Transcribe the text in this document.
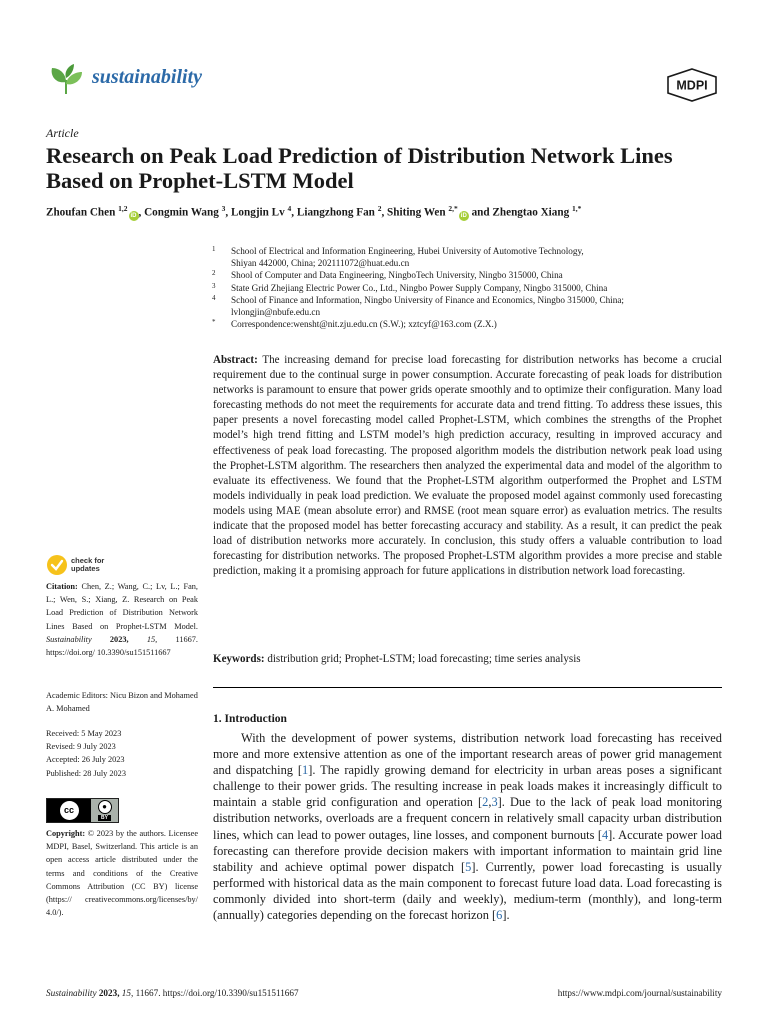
sustainability	MDPI
Article
Research on Peak Load Prediction of Distribution Network Lines Based on Prophet-LSTM Model
Zhoufan Chen $^{1,2}$iD , Congmin Wang $^3$, Longjin Lv $^4$, Liangzhong Fan $^2$, Shiting Wen $^{2,*}$iD and Zhengtao Xiang $^{1,*}$
1 School of Electrical and Information Engineering, Hubei University of Automotive Technology,
Shiyan 442000, China; 202111072@huat.edu.cn
2 Shool of Computer and Data Engineering, NingboTech University, Ningbo 315000, China
3 State Grid Zhejiang Electric Power Co., Ltd., Ningbo Power Supply Company, Ningbo 315000, China
4 School of Finance and Information, Ningbo University of Finance and Economics, Ningbo 315000, China;
lvlongjin@nbufe.edu.cn
* Correspondence:wensht@nit.zju.edu.cn (S.W.); xztcyf@163.com (Z.X.)
Abstract: The increasing demand for precise load forecasting for distribution networks has become a crucial requirement due to the continual surge in power consumption. Accurate forecasting of peak loads for distribution networks is paramount to ensure that power grids operate smoothly and to optimize their configuration. Many load forecasting methods do not meet the requirements for accurate data and trend fitting. To address these issues, this paper presents a novel forecasting model called Prophet-LSTM, which combines the strengths of the Prophet model’s high trend fitting and LSTM model’s high prediction accuracy, resulting in improved accuracy and effectiveness of peak load forecasting. The proposed algorithm models the distribution network peak load using the Prophet-LSTM algorithm. The researchers then analyzed the experimental data and model of the algorithm to evaluate its effectiveness. We found that the Prophet-LSTM algorithm outperformed the Prophet and LSTM models individually in peak load prediction. We evaluate the proposed model against commonly used forecasting models using MAE (mean absolute error) and RMSE (root mean square error) as evaluation metrics. The results indicate that the proposed model has better forecasting accuracy and stability. As a result, it can predict the peak load of distribution networks more accurately. In conclusion, this study offers a valuable contribution to load forecasting for distribution networks. The proposed Prophet-LSTM algorithm provides a more precise and stable prediction, making it a promising approach for future applications in distribution network load forecasting.
Keywords: distribution grid; Prophet-LSTM; load forecasting; time series analysis
1. Introduction
With the development of power systems, distribution network load forecasting has received more and more extensive attention as one of the important research areas of power grid management and dispatching [1]. The rapidly growing demand for electricity in urban areas poses a significant challenge to their power grids. The resulting increase in peak loads makes it increasingly difficult to maintain a stable grid configuration and operation [2,3]. Due to the lack of peak load monitoring distribution networks, overloads are a frequent concern in relatively small capacity urban distribution lines, which can lead to power outages, line losses, and component burnouts [4]. Accurate power load forecasting can therefore provide decision makers with important information to maintain grid line stability and achieve optimal power dispatch [5]. Currently, power load forecasting is usually performed with historical data as the main component to forecast future load data. Load forecasting is commonly divided into short-term (daily and weekly), medium-term (monthly), and long-term (annually) categories depending on the forecast horizon [6].
check for
updates
Citation: Chen, Z.; Wang, C.; Lv, L.; Fan, L.; Wen, S.; Xiang, Z. Research on Peak Load Prediction of Distribution Network Lines Based on Prophet-LSTM Model. Sustainability 2023, 15, 11667. https://doi.org/ 10.3390/su151511667
Academic Editors: Nicu Bizon and Mohamed A. Mohamed
Received: 5 May 2023
Revised: 9 July 2023
Accepted: 26 July 2023
Published: 28 July 2023
cc	●
BY
Copyright: © 2023 by the authors. Licensee MDPI, Basel, Switzerland. This article is an open access article distributed under the terms and conditions of the Creative Commons Attribution (CC BY) license (https:// creativecommons.org/licenses/by/ 4.0/).
Sustainability 2023, 15, 11667. https://doi.org/10.3390/su151511667	https://www.mdpi.com/journal/sustainability
